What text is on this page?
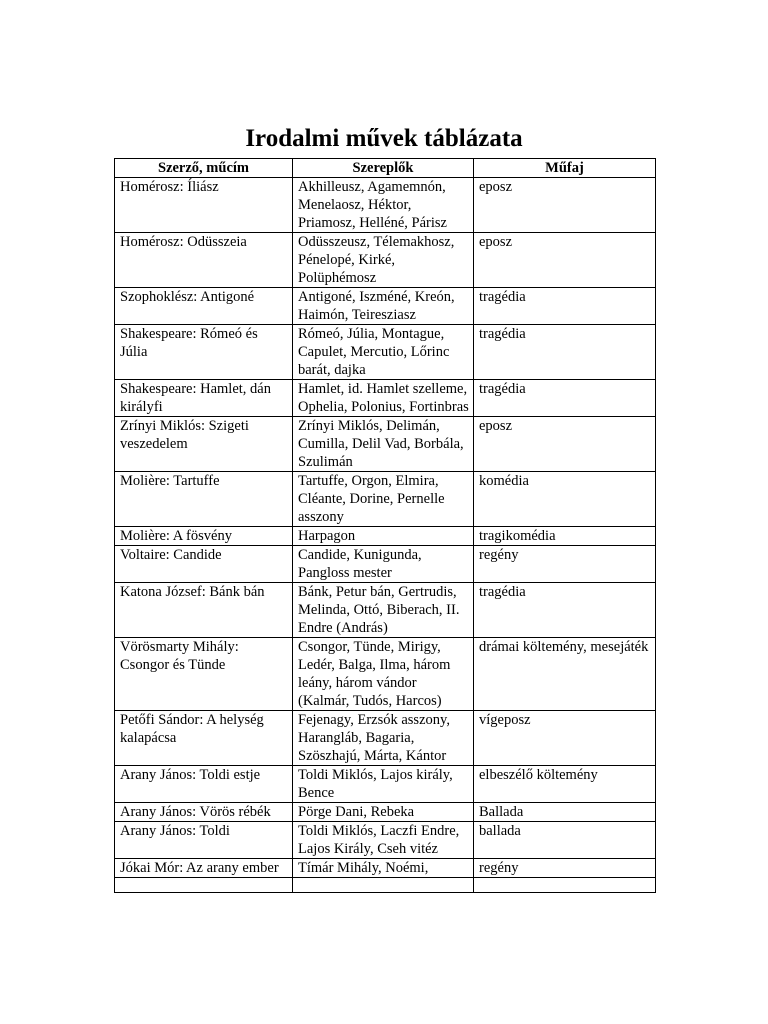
Irodalmi művek táblázata
Szerző, műcím	Szereplők	Műfaj
Homérosz: Íliász	Akhilleusz, Agamemnón, Menelaosz, Héktor, Priamosz, Helléné, Párisz	eposz
Homérosz: Odüsszeia	Odüsszeusz, Télemakhosz, Pénelopé, Kirké, Polüphémosz	eposz
Szophoklész: Antigoné	Antigoné, Iszméné, Kreón, Haimón, Teiresziasz	tragédia
Shakespeare: Rómeó és Júlia	Rómeó, Júlia, Montague, Capulet, Mercutio, Lőrinc barát, dajka	tragédia
Shakespeare: Hamlet, dán királyfi	Hamlet, id. Hamlet szelleme, Ophelia, Polonius, Fortinbras	tragédia
Zrínyi Miklós: Szigeti veszedelem	Zrínyi Miklós, Delimán, Cumilla, Delil Vad, Borbála, Szulimán	eposz
Molière: Tartuffe	Tartuffe, Orgon, Elmira, Cléante, Dorine, Pernelle asszony	komédia
Molière: A fösvény	Harpagon	tragikomédia
Voltaire: Candide	Candide, Kunigunda, Pangloss mester	regény
Katona József: Bánk bán	Bánk, Petur bán, Gertrudis, Melinda, Ottó, Biberach, II. Endre (András)	tragédia
Vörösmarty Mihály: Csongor és Tünde	Csongor, Tünde, Mirigy, Ledér, Balga, Ilma, három leány, három vándor (Kalmár, Tudós, Harcos)	drámai költemény, mesejáték
Petőfi Sándor: A helység kalapácsa	Fejenagy, Erzsók asszony, Harangláb, Bagaria, Szöszhajú, Márta, Kántor	vígeposz
Arany János: Toldi estje	Toldi Miklós, Lajos király, Bence	elbeszélő költemény
Arany János: Vörös rébék	Pörge Dani, Rebeka	Ballada
Arany János: Toldi	Toldi Miklós, Laczfi Endre, Lajos Király, Cseh vitéz	ballada
Jókai Mór: Az arany ember	Tímár Mihály, Noémi,	regény
